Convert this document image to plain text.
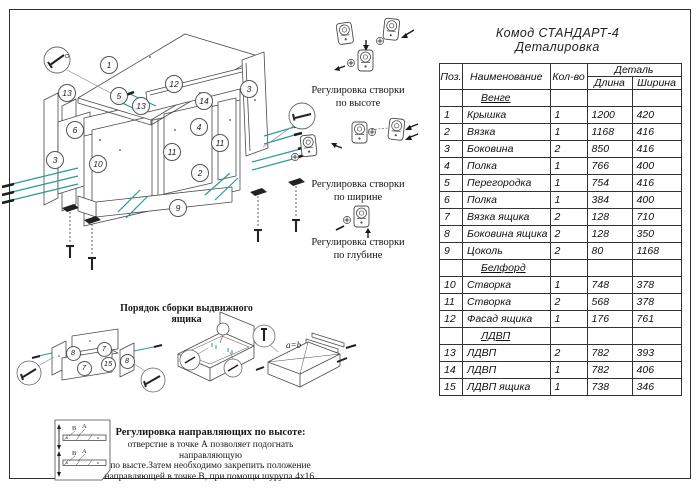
a=b
В А
В А
1
13	5
13
12
14
3
6	4
11
11
10
3
2
9
8	7
7	15	8
Комод СТАНДАРТ-4
Деталировка
Регулировка створки
по высоте
Регулировка створки
по ширине
Регулировка створки
по глубине
Порядок сборки выдвижного ящика
Регулировка направляющих по высоте:
отверстие в точке А позволяет подогнать направляющую
по высте.Затем необходимо закрепить положение
направляющей в точке В, при помощи шурупа 4х16.
Поз.	Наименование	Кол-во	Деталь	
			Длина	Ширина
	Венге			
1	Крышка	1	1200	420
2	Вязка	1	1168	416
3	Боковина	2	850	416
4	Полка	1	766	400
5	Перегородка	1	754	416
6	Полка	1	384	400
7	Вязка ящика	2	128	710
8	Боковина ящика	2	128	350
9	Цоколь	2	80	1168
	Белфорд			
10	Створка	1	748	378
11	Створка	2	568	378
12	Фасад ящика	1	176	761
	ЛДВП			
13	ЛДВП	2	782	393
14	ЛДВП	1	782	406
15	ЛДВП ящика	1	738	346
